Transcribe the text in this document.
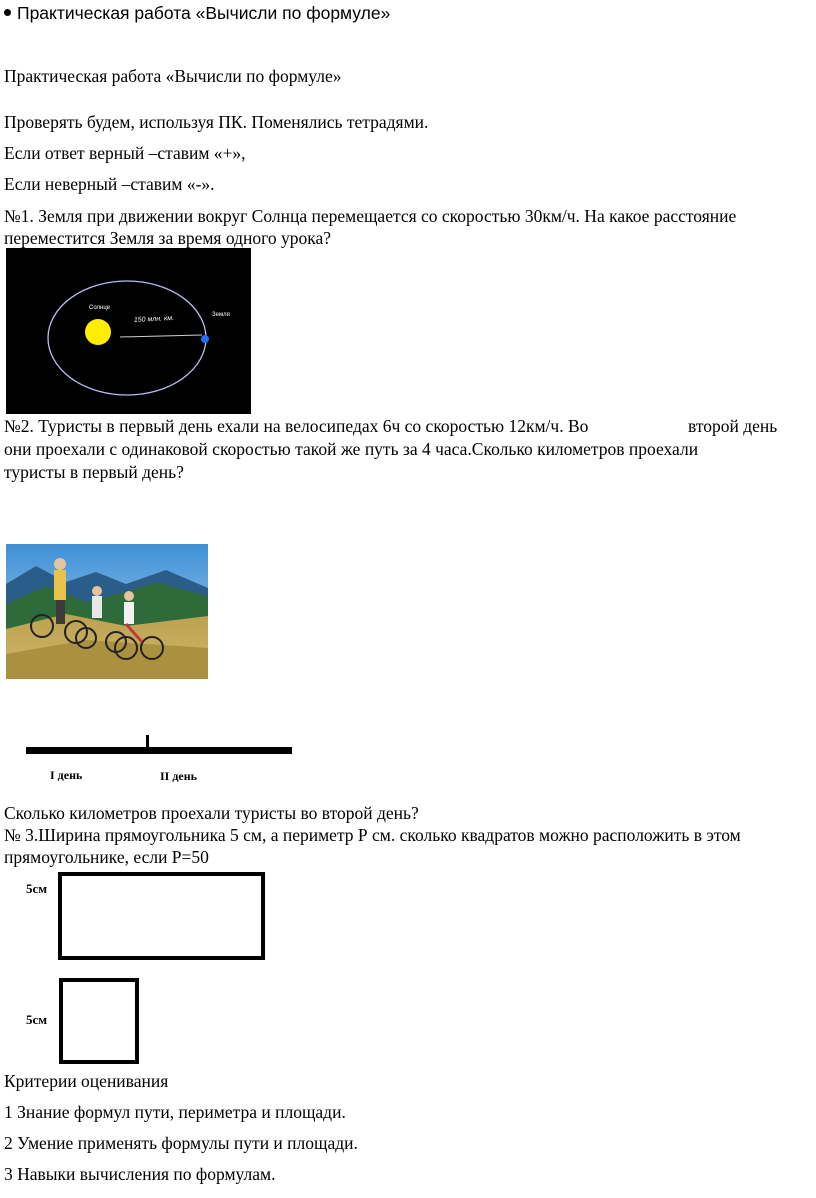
Практическая работа «Вычисли по формуле»
Практическая работа «Вычисли по формуле»
Проверять будем, используя ПК. Поменялись тетрадями.
Если ответ верный –ставим «+»,
Если неверный –ставим «-».
№1. Земля при движении вокруг Солнца перемещается со скоростью 30км/ч. На какое расстояние
переместится Земля за время одного урока?
Солнце
Земля
150 млн. км.
№2. Туристы в первый день ехали на велосипедах 6ч со скоростью 12км/ч. Во	второй день
они проехали с одинаковой скоростью такой же путь за 4 часа.Сколько километров проехали
туристы в первый день?
I день	II день
Сколько километров проехали туристы во второй день?
№ 3.Ширина прямоугольника 5 см, а периметр Р см. сколько квадратов можно расположить в этом
прямоугольнике, если Р=50
5см
5см
Критерии оценивания
1 Знание формул пути, периметра и площади.
2 Умение применять формулы пути и площади.
3 Навыки вычисления по формулам.
